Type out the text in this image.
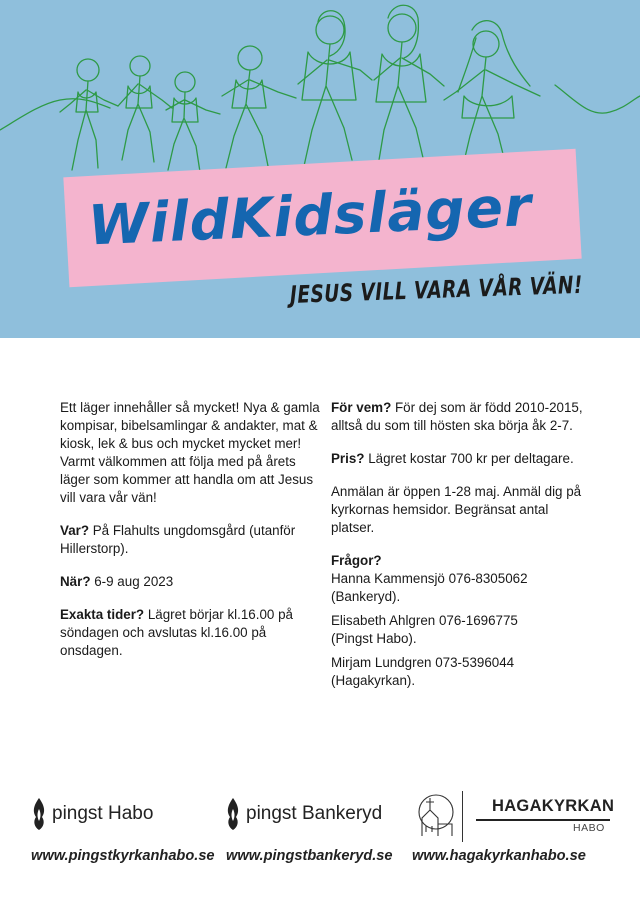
WildKidsläger
JESUS VILL VARA VÅR VÄN!

Ett läger innehåller så mycket! Nya & gamla kompisar, bibelsamlingar & andakter, mat & kiosk, lek & bus och mycket mycket mer! Varmt välkommen att följa med på årets läger som kommer att handla om att Jesus vill vara vår vän!

Var? På Flahults ungdomsgård (utanför Hillerstorp).

När? 6-9 aug 2023

Exakta tider? Lägret börjar kl.16.00 på söndagen och avslutas kl.16.00 på onsdagen.

För vem? För dej som är född 2010-2015, alltså du som till hösten ska börja åk 2-7.

Pris? Lägret kostar 700 kr per deltagare.

Anmälan är öppen 1-28 maj. Anmäl dig på kyrkornas hemsidor. Begränsat antal platser.

Frågor?
Hanna Kammensjö 076-8305062
(Bankeryd).

Elisabeth Ahlgren 076-1696775
(Pingst Habo).

Mirjam Lundgren 073-5396044
(Hagakyrkan).

pingst Habo	pingst Bankeryd	HAGAKYRKAN
HABO
www.pingstkyrkanhabo.se www.pingstbankeryd.se www.hagakyrkanhabo.se
